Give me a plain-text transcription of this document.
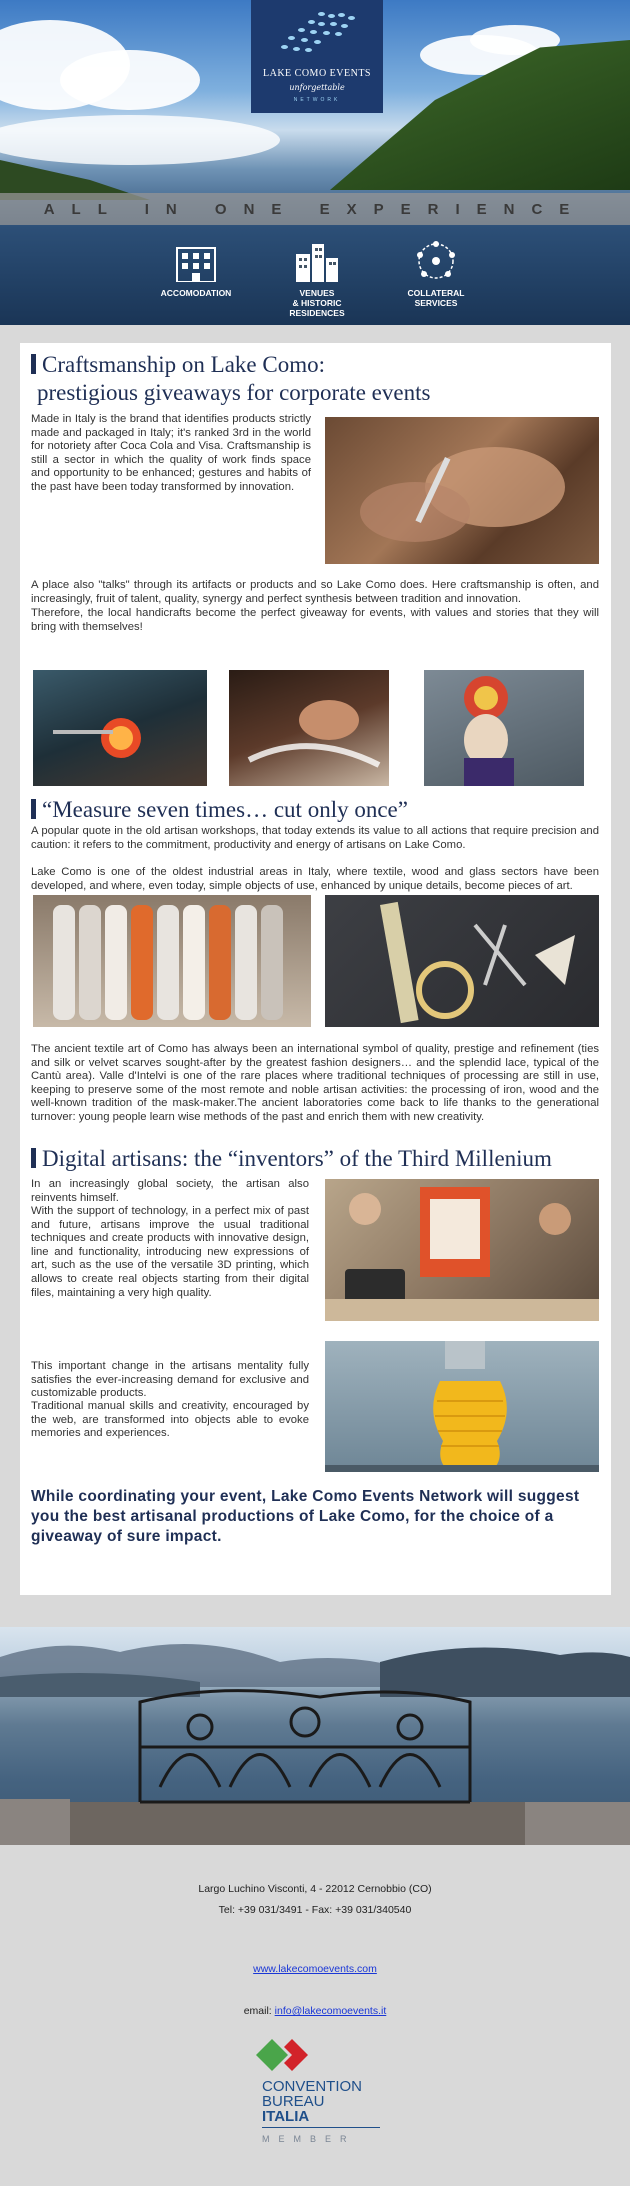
LAKE COMO EVENTS
unforgettable
NETWORK
ALL IN ONE EXPERIENCE
ACCOMODATION	VENUES
& HISTORIC
RESIDENCES
COLLATERAL
SERVICES
Craftsmanship on Lake Como:
prestigious giveaways for corporate events
Made in Italy is the brand that identifies products strictly made and packaged in Italy; it's ranked 3rd in the world for notoriety after Coca Cola and Visa. Craftsmanship is still a sector in which the quality of work finds space and opportunity to be enhanced; gestures and habits of the past have been today transformed by innovation.
A place also "talks" through its artifacts or products and so Lake Como does. Here craftsmanship is often, and increasingly, fruit of talent, quality, synergy and perfect synthesis between tradition and innovation.
Therefore, the local handicrafts become the perfect giveaway for events, with values and stories that they will bring with themselves!
“Measure seven times… cut only once”
A popular quote in the old artisan workshops, that today extends its value to all actions that require precision and caution: it refers to the commitment, productivity and energy of artisans on Lake Como.
Lake Como is one of the oldest industrial areas in Italy, where textile, wood and glass sectors have been developed, and where, even today, simple objects of use, enhanced by unique details, become pieces of art.
The ancient textile art of Como has always been an international symbol of quality, prestige and refinement (ties and silk or velvet scarves sought-after by the greatest fashion designers… and the splendid lace, typical of the Cantù area). Valle d'Intelvi is one of the rare places where traditional techniques of processing are still in use, keeping to preserve some of the most remote and noble artisan activities: the processing of iron, wood and the well-known tradition of the mask-maker.The ancient laboratories come back to life thanks to the generational turnover: young people learn wise methods of the past and enrich them with new creativity.
Digital artisans: the “inventors” of the Third Millenium
In an increasingly global society, the artisan also reinvents himself.
With the support of technology, in a perfect mix of past and future, artisans improve the usual traditional techniques and create products with innovative design, line and functionality, introducing new expressions of art, such as the use of the versatile 3D printing, which allows to create real objects starting from their digital files, maintaining a very high quality.
This important change in the artisans mentality fully satisfies the ever-increasing demand for exclusive and customizable products.
Traditional manual skills and creativity, encouraged by the web, are transformed into objects able to evoke memories and experiences.
While coordinating your event, Lake Como Events Network will suggest you the best artisanal productions of Lake Como, for the choice of a giveaway of sure impact.
Largo Luchino Visconti, 4 - 22012 Cernobbio (CO)
Tel: +39 031/3491 - Fax: +39 031/340540
www.lakecomoevents.com
email: info@lakecomoevents.it
CONVENTION
BUREAU
ITALIA
MEMBER
